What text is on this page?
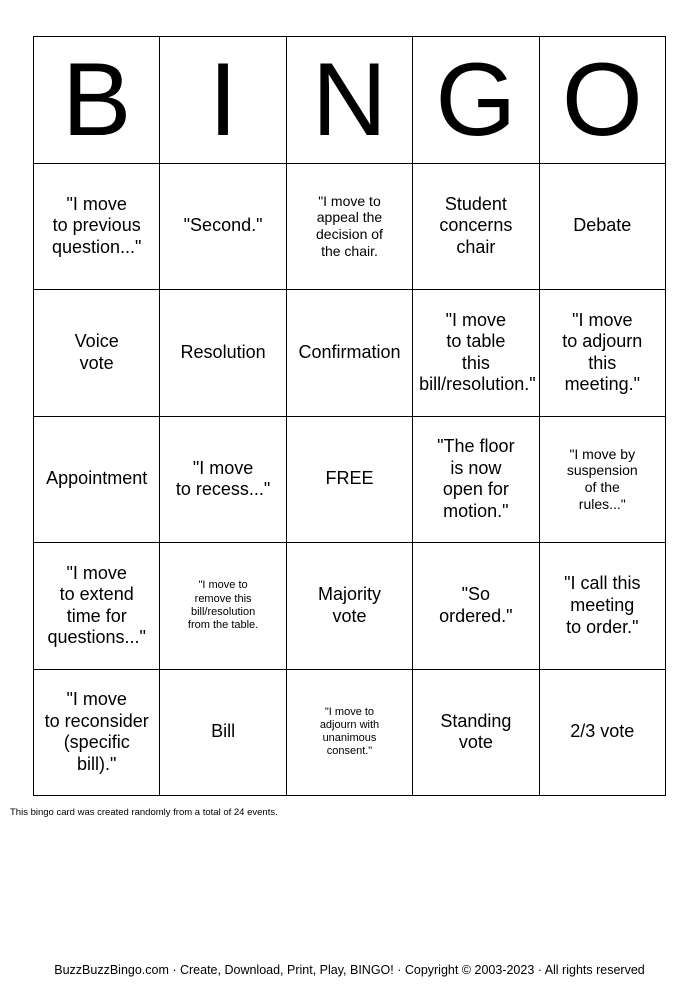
B	I	N	G	O
"I move
to previous
question..."	"Second."	"I move to
appeal the
decision of
the chair.	Student
concerns
chair	Debate
Voice
vote	Resolution	Confirmation	"I move
to table
this
bill/resolution."	"I move
to adjourn
this
meeting."
Appointment	"I move
to recess..."	FREE	"The floor
is now
open for
motion."	"I move by
suspension
of the
rules..."
"I move
to extend
time for
questions..."	"I move to
remove this
bill/resolution
from the table.	Majority
vote	"So
ordered."	"I call this
meeting
to order."
"I move
to reconsider
(specific
bill)."	Bill	"I move to
adjourn with
unanimous
consent."	Standing
vote	2/3 vote
This bingo card was created randomly from a total of 24 events.
BuzzBuzzBingo.com · Create, Download, Print, Play, BINGO! · Copyright © 2003-2023 · All rights reserved
